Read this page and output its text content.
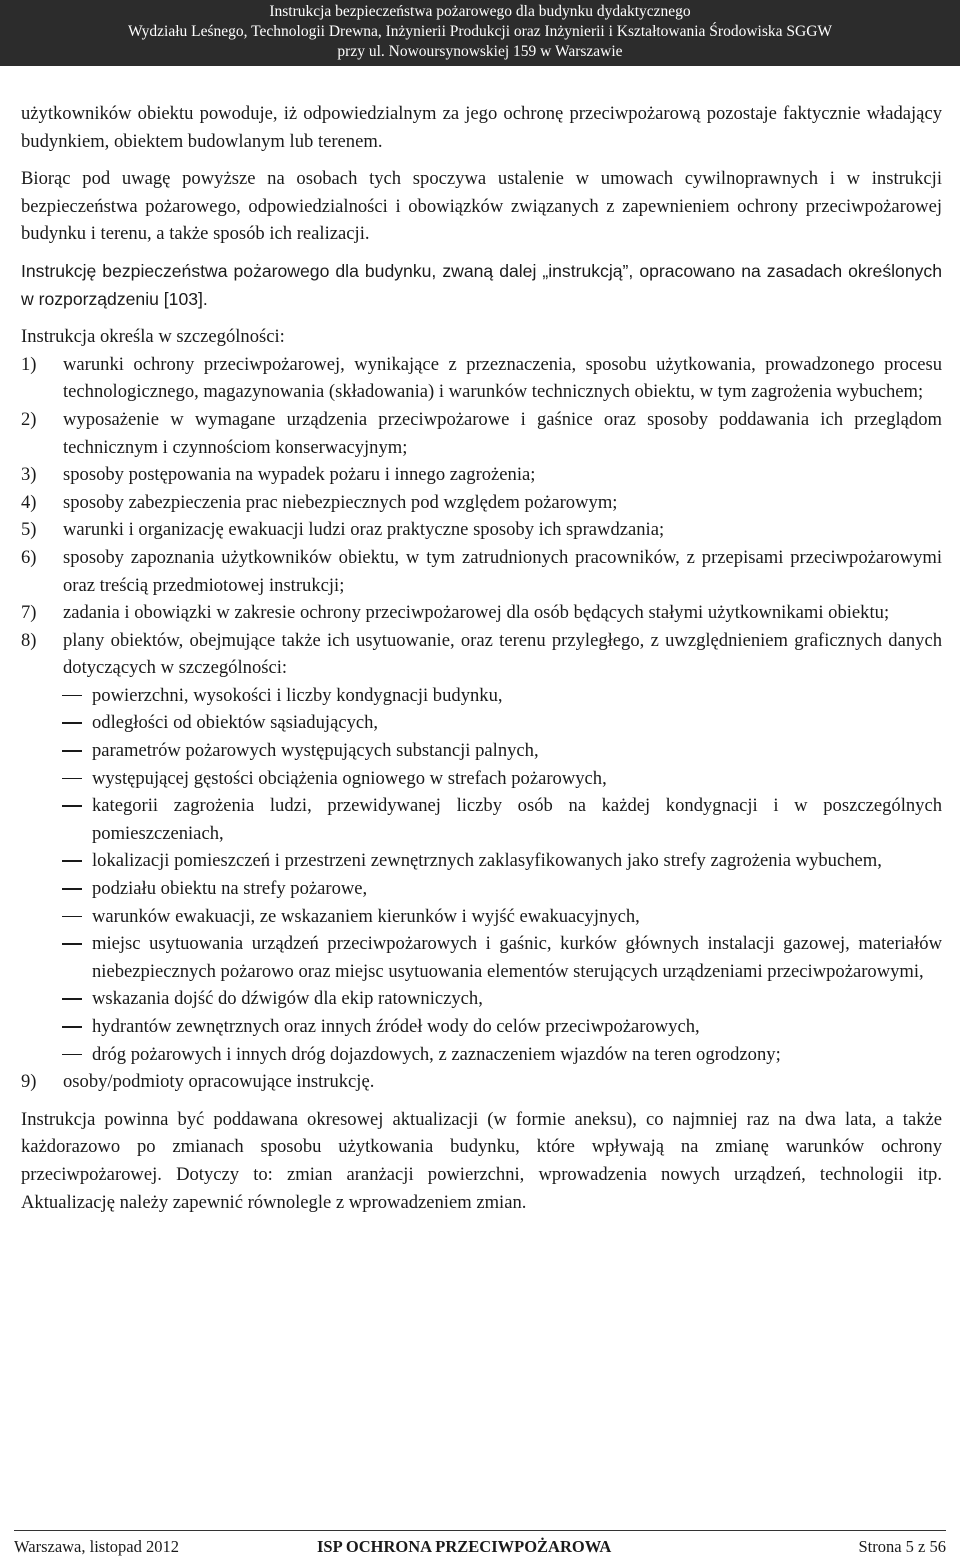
Instrukcja bezpieczeństwa pożarowego dla budynku dydaktycznego
Wydziału Leśnego, Technologii Drewna, Inżynierii Produkcji oraz Inżynierii i Kształtowania Środowiska SGGW
przy ul. Nowoursynowskiej 159 w Warszawie

użytkowników obiektu powoduje, iż odpowiedzialnym za jego ochronę przeciwpożarową pozostaje faktycznie władający budynkiem, obiektem budowlanym lub terenem.

Biorąc pod uwagę powyższe na osobach tych spoczywa ustalenie w umowach cywilnoprawnych i w instrukcji bezpieczeństwa pożarowego, odpowiedzialności i obowiązków związanych z zapewnieniem ochrony przeciwpożarowej budynku i terenu, a także sposób ich realizacji.

Instrukcję bezpieczeństwa pożarowego dla budynku, zwaną dalej „instrukcją”, opracowano na zasadach określonych w rozporządzeniu [103].

Instrukcja określa w szczególności:

1) warunki ochrony przeciwpożarowej, wynikające z przeznaczenia, sposobu użytkowania, prowadzonego procesu technologicznego, magazynowania (składowania) i warunków technicznych obiektu, w tym zagrożenia wybuchem;
2) wyposażenie w wymagane urządzenia przeciwpożarowe i gaśnice oraz sposoby poddawania ich przeglądom technicznym i czynnościom konserwacyjnym;
3) sposoby postępowania na wypadek pożaru i innego zagrożenia;
4) sposoby zabezpieczenia prac niebezpiecznych pod względem pożarowym;
5) warunki i organizację ewakuacji ludzi oraz praktyczne sposoby ich sprawdzania;
6) sposoby zapoznania użytkowników obiektu, w tym zatrudnionych pracowników, z przepisami przeciwpożarowymi oraz treścią przedmiotowej instrukcji;
7) zadania i obowiązki w zakresie ochrony przeciwpożarowej dla osób będących stałymi użytkownikami obiektu;
8) plany obiektów, obejmujące także ich usytuowanie, oraz terenu przyległego, z uwzględnieniem graficznych danych dotyczących w szczególności:
powierzchni, wysokości i liczby kondygnacji budynku,
odległości od obiektów sąsiadujących,
parametrów pożarowych występujących substancji palnych,
występującej gęstości obciążenia ogniowego w strefach pożarowych,
kategorii zagrożenia ludzi, przewidywanej liczby osób na każdej kondygnacji i w poszczególnych pomieszczeniach,
lokalizacji pomieszczeń i przestrzeni zewnętrznych zaklasyfikowanych jako strefy zagrożenia wybuchem,
podziału obiektu na strefy pożarowe,
warunków ewakuacji, ze wskazaniem kierunków i wyjść ewakuacyjnych,
miejsc usytuowania urządzeń przeciwpożarowych i gaśnic, kurków głównych instalacji gazowej, materiałów niebezpiecznych pożarowo oraz miejsc usytuowania elementów sterujących urządzeniami przeciwpożarowymi,
wskazania dojść do dźwigów dla ekip ratowniczych,
hydrantów zewnętrznych oraz innych źródeł wody do celów przeciwpożarowych,
dróg pożarowych i innych dróg dojazdowych, z zaznaczeniem wjazdów na teren ogrodzony;
9) osoby/podmioty opracowujące instrukcję.

Instrukcja powinna być poddawana okresowej aktualizacji (w formie aneksu), co najmniej raz na dwa lata, a także każdorazowo po zmianach sposobu użytkowania budynku, które wpływają na zmianę warunków ochrony przeciwpożarowej. Dotyczy to: zmian aranżacji powierzchni, wprowadzenia nowych urządzeń, technologii itp. Aktualizację należy zapewnić równolegle z wprowadzeniem zmian.

Warszawa, listopad 2012	ISP OCHRONA PRZECIWPOŻAROWA	Strona 5 z 56
